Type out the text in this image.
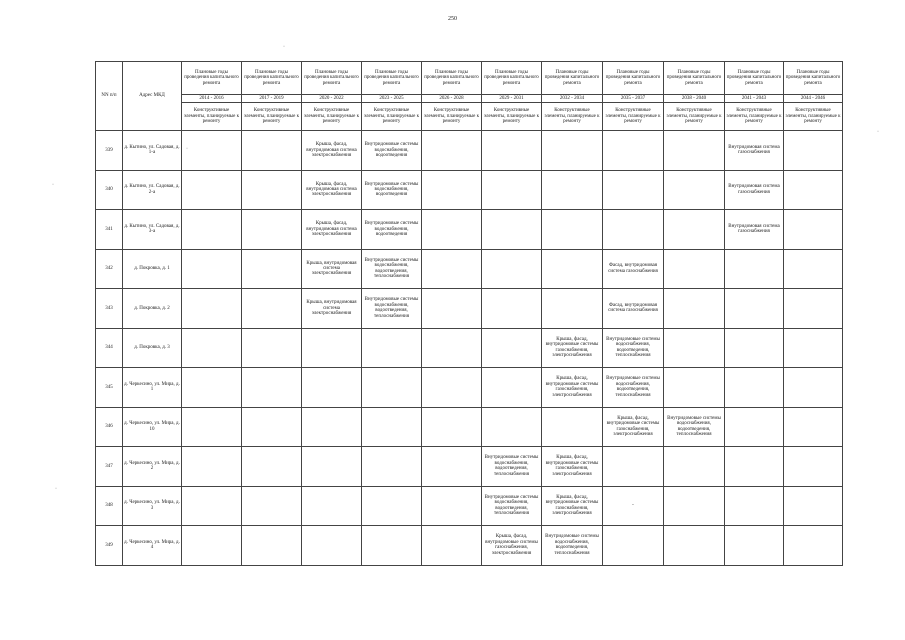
250
·
·
·
·
·
NN п/п	Адрес МКД	Плановые годы проведения капитального ремонта	Плановые годы проведения капитального ремонта	Плановые годы проведения капитального ремонта	Плановые годы проведения капитального ремонта	Плановые годы проведения капитального ремонта	Плановые годы проведения капитального ремонта	Плановые годы проведения капитального ремонта	Плановые годы проведения капитального ремонта	Плановые годы проведения капитального ремонта	Плановые годы проведения капитального ремонта	Плановые годы проведения капитального ремонта
		2014 - 2016	2017 - 2019	2020 - 2022	2023 - 2025	2026 - 2028	2029 - 2031	2032 - 2034	2035 - 2037	2038 - 2040	2041 - 2043	2044 - 2046
		Конструктивные элементы, планируемые к ремонту	Конструктивные элементы, планируемые к ремонту	Конструктивные элементы, планируемые к ремонту	Конструктивные элементы, планируемые к ремонту	Конструктивные элементы, планируемые к ремонту	Конструктивные элементы, планируемые к ремонту	Конструктивные элементы, планируемые к ремонту	Конструктивные элементы, планируемые к ремонту	Конструктивные элементы, планируемые к ремонту	Конструктивные элементы, планируемые к ремонту	Конструктивные элементы, планируемые к ремонту
339	д. Кытино, ул. Садовая, д. 1-а			Крыша, фасад, внутридомовая система электроснабжения	Внутридомовые системы водоснабжения, водоотведения						Внутридомовая система газоснабжения	
340	д. Кытино, ул. Садовая, д. 2-а			Крыша, фасад, внутридомовая система электроснабжения	Внутридомовые системы водоснабжения, водоотведения						Внутридомовая система газоснабжения	
341	д. Кытино, ул. Садовая, д. 3-а			Крыша, фасад, внутридомовая система электроснабжения	Внутридомовые системы водоснабжения, водоотведения						Внутридомовая система газоснабжения	
342	д. Покровка, д. 1			Крыша, внутридомовая система электроснабжения	Внутридомовые системы водоснабжения, водоотведения, теплоснабжения				Фасад, внутридомовая система газоснабжения			
343	д. Покровка, д. 2			Крыша, внутридомовая система электроснабжения	Внутридомовые системы водоснабжения, водоотведения, теплоснабжения				Фасад, внутридомовая система газоснабжения			
344	д. Покровка, д. 3							Крыша, фасад, внутридомовые системы газоснабжения, электроснабжения	Внутридомовые системы водоснабжения, водоотведения, теплоснабжения			
345	д. Черкесино, ул. Мира, д. 1							Крыша, фасад, внутридомовые системы газоснабжения, электроснабжения	Внутридомовые системы водоснабжения, водоотведения, теплоснабжения			
346	д. Черкесино, ул. Мира, д. 10								Крыша, фасад, внутридомовые системы газоснабжения, электроснабжения	Внутридомовые системы водоснабжения, водоотведения, теплоснабжения		
347	д. Черкесино, ул. Мира, д. 2						Внутридомовые системы водоснабжения, водоотведения, теплоснабжения	Крыша, фасад, внутридомовые системы газоснабжения, электроснабжения				
348	д. Черкесино, ул. Мира, д. 3						Внутридомовые системы водоснабжения, водоотведения, теплоснабжения	Крыша, фасад, внутридомовые системы газоснабжения, электроснабжения	-			
349	д. Черкесино, ул. Мира, д. 4						Крыша, фасад, внутридомовые системы газоснабжения, электроснабжения	Внутридомовые системы водоснабжения, водоотведения, теплоснабжения				
